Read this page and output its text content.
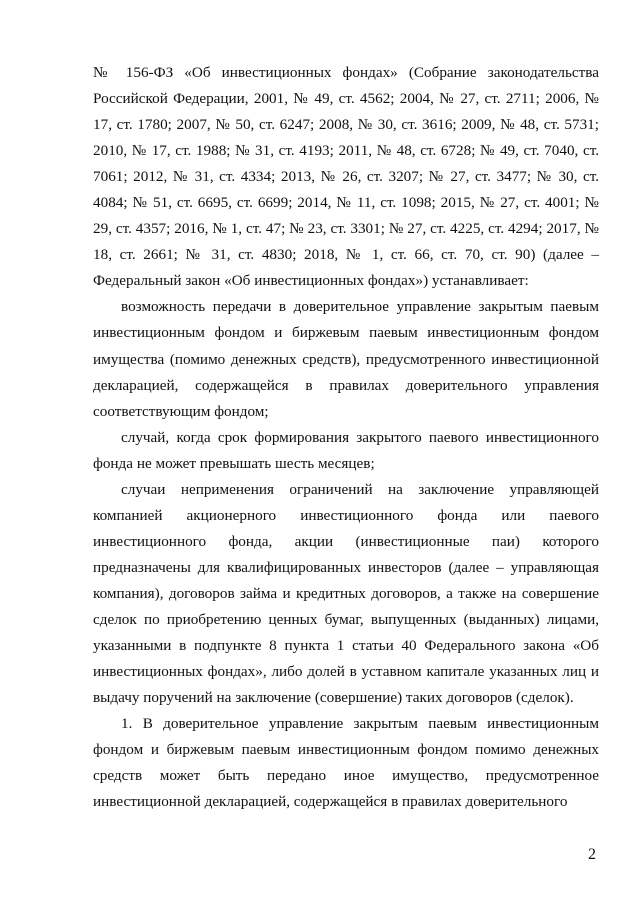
№ 156-ФЗ «Об инвестиционных фондах» (Собрание законодательства Российской Федерации, 2001, № 49, ст. 4562; 2004, № 27, ст. 2711; 2006, № 17, ст. 1780; 2007, № 50, ст. 6247; 2008, № 30, ст. 3616; 2009, № 48, ст. 5731; 2010, № 17, ст. 1988; № 31, ст. 4193; 2011, № 48, ст. 6728; № 49, ст. 7040, ст. 7061; 2012, № 31, ст. 4334; 2013, № 26, ст. 3207; № 27, ст. 3477; № 30, ст. 4084; № 51, ст. 6695, ст. 6699; 2014, № 11, ст. 1098; 2015, № 27, ст. 4001; № 29, ст. 4357; 2016, № 1, ст. 47; № 23, ст. 3301; № 27, ст. 4225, ст. 4294; 2017, № 18, ст. 2661; № 31, ст. 4830; 2018, № 1, ст. 66, ст. 70, ст. 90) (далее – Федеральный закон «Об инвестиционных фондах») устанавливает:

возможность передачи в доверительное управление закрытым паевым инвестиционным фондом и биржевым паевым инвестиционным фондом имущества (помимо денежных средств), предусмотренного инвестиционной декларацией, содержащейся в правилах доверительного управления соответствующим фондом;

случай, когда срок формирования закрытого паевого инвестиционного фонда не может превышать шесть месяцев;

случаи неприменения ограничений на заключение управляющей компанией акционерного инвестиционного фонда или паевого инвестиционного фонда, акции (инвестиционные паи) которого предназначены для квалифицированных инвесторов (далее – управляющая компания), договоров займа и кредитных договоров, а также на совершение сделок по приобретению ценных бумаг, выпущенных (выданных) лицами, указанными в подпункте 8 пункта 1 статьи 40 Федерального закона «Об инвестиционных фондах», либо долей в уставном капитале указанных лиц и выдачу поручений на заключение (совершение) таких договоров (сделок).

1. В доверительное управление закрытым паевым инвестиционным фондом и биржевым паевым инвестиционным фондом помимо денежных средств может быть передано иное имущество, предусмотренное инвестиционной декларацией, содержащейся в правилах доверительного

2
